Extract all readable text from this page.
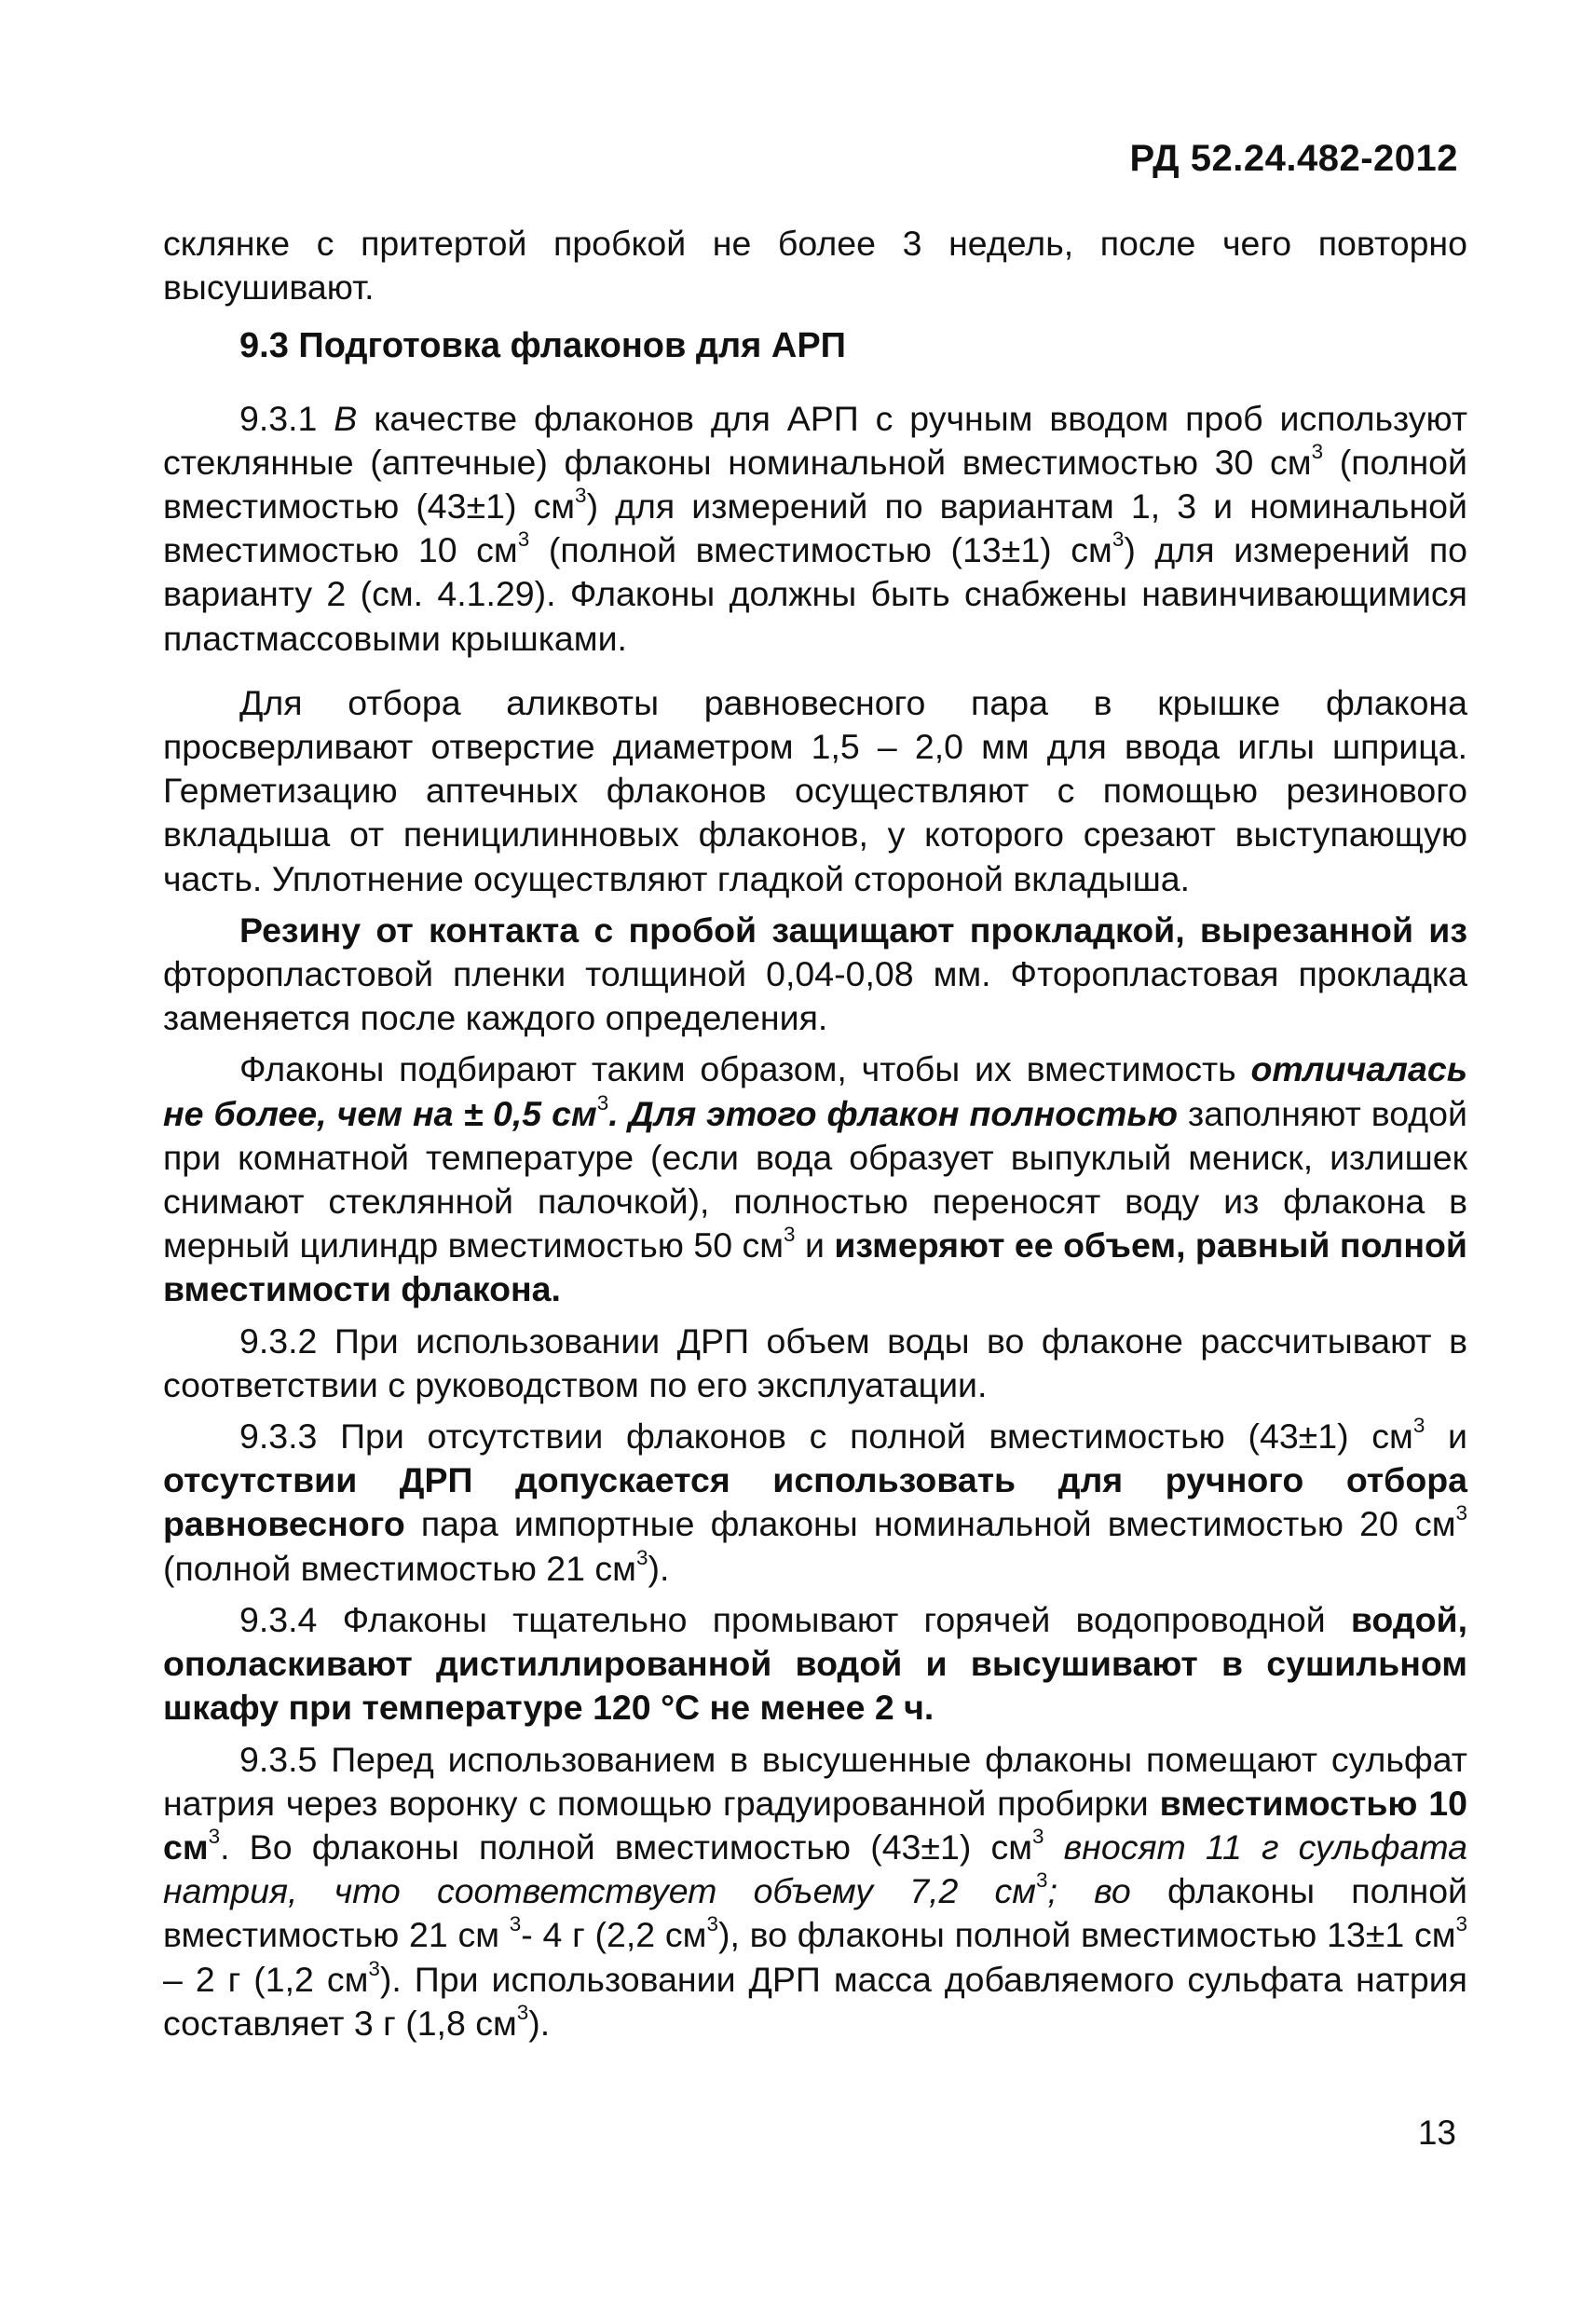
РД 52.24.482-2012

склянке с притертой пробкой не более 3 недель, после чего повторно высушивают.

9.3 Подготовка флаконов для АРП

9.3.1 В качестве флаконов для АРП с ручным вводом проб используют стеклянные (аптечные) флаконы номинальной вместимостью 30 $см^3$ (полной вместимостью (43±1) $см^3$) для измерений по вариантам 1, 3 и номинальной вместимостью 10 $см^3$ (полной вместимостью (13±1) $см^3$) для измерений по варианту 2 (см. 4.1.29). Флаконы должны быть снабжены навинчивающимися пластмассовыми крышками.

Для отбора аликвоты равновесного пара в крышке флакона просверливают отверстие диаметром 1,5 – 2,0 мм для ввода иглы шприца. Герметизацию аптечных флаконов осуществляют с помощью резинового вкладыша от пеницилинновых флаконов, у которого срезают выступающую часть. Уплотнение осуществляют гладкой стороной вкладыша.

Резину от контакта с пробой защищают прокладкой, вырезанной из фторопластовой пленки толщиной 0,04-0,08 мм. Фторопластовая прокладка заменяется после каждого определения.

Флаконы подбирают таким образом, чтобы их вместимость отличалась не более, чем на ± 0,5 $см^3$. Для этого флакон полностью заполняют водой при комнатной температуре (если вода образует выпуклый мениск, излишек снимают стеклянной палочкой), полностью переносят воду из флакона в мерный цилиндр вместимостью 50 $см^3$ и измеряют ее объем, равный полной вместимости флакона.

9.3.2 При использовании ДРП объем воды во флаконе рассчитывают в соответствии с руководством по его эксплуатации.

9.3.3 При отсутствии флаконов с полной вместимостью (43±1) $см^3$ и отсутствии ДРП допускается использовать для ручного отбора равновесного пара импортные флаконы номинальной вместимостью 20 $см^3$ (полной вместимостью 21 $см^3$).

9.3.4 Флаконы тщательно промывают горячей водопроводной водой, ополаскивают дистиллированной водой и высушивают в сушильном шкафу при температуре 120 °С не менее 2 ч.

9.3.5 Перед использованием в высушенные флаконы помещают сульфат натрия через воронку с помощью градуированной пробирки вместимостью 10 $см^3$. Во флаконы полной вместимостью (43±1) $см^3$ вносят 11 г сульфата натрия, что соответствует объему 7,2 $см^3$; во флаконы полной вместимостью 21 см $^3$- 4 г (2,2 $см^3$), во флаконы полной вместимостью 13±1 $см^3 - 2$ г (1,2 $см^3$). При использовании ДРП масса добавляемого сульфата натрия составляет 3 г (1,8 $см^3$).

13
